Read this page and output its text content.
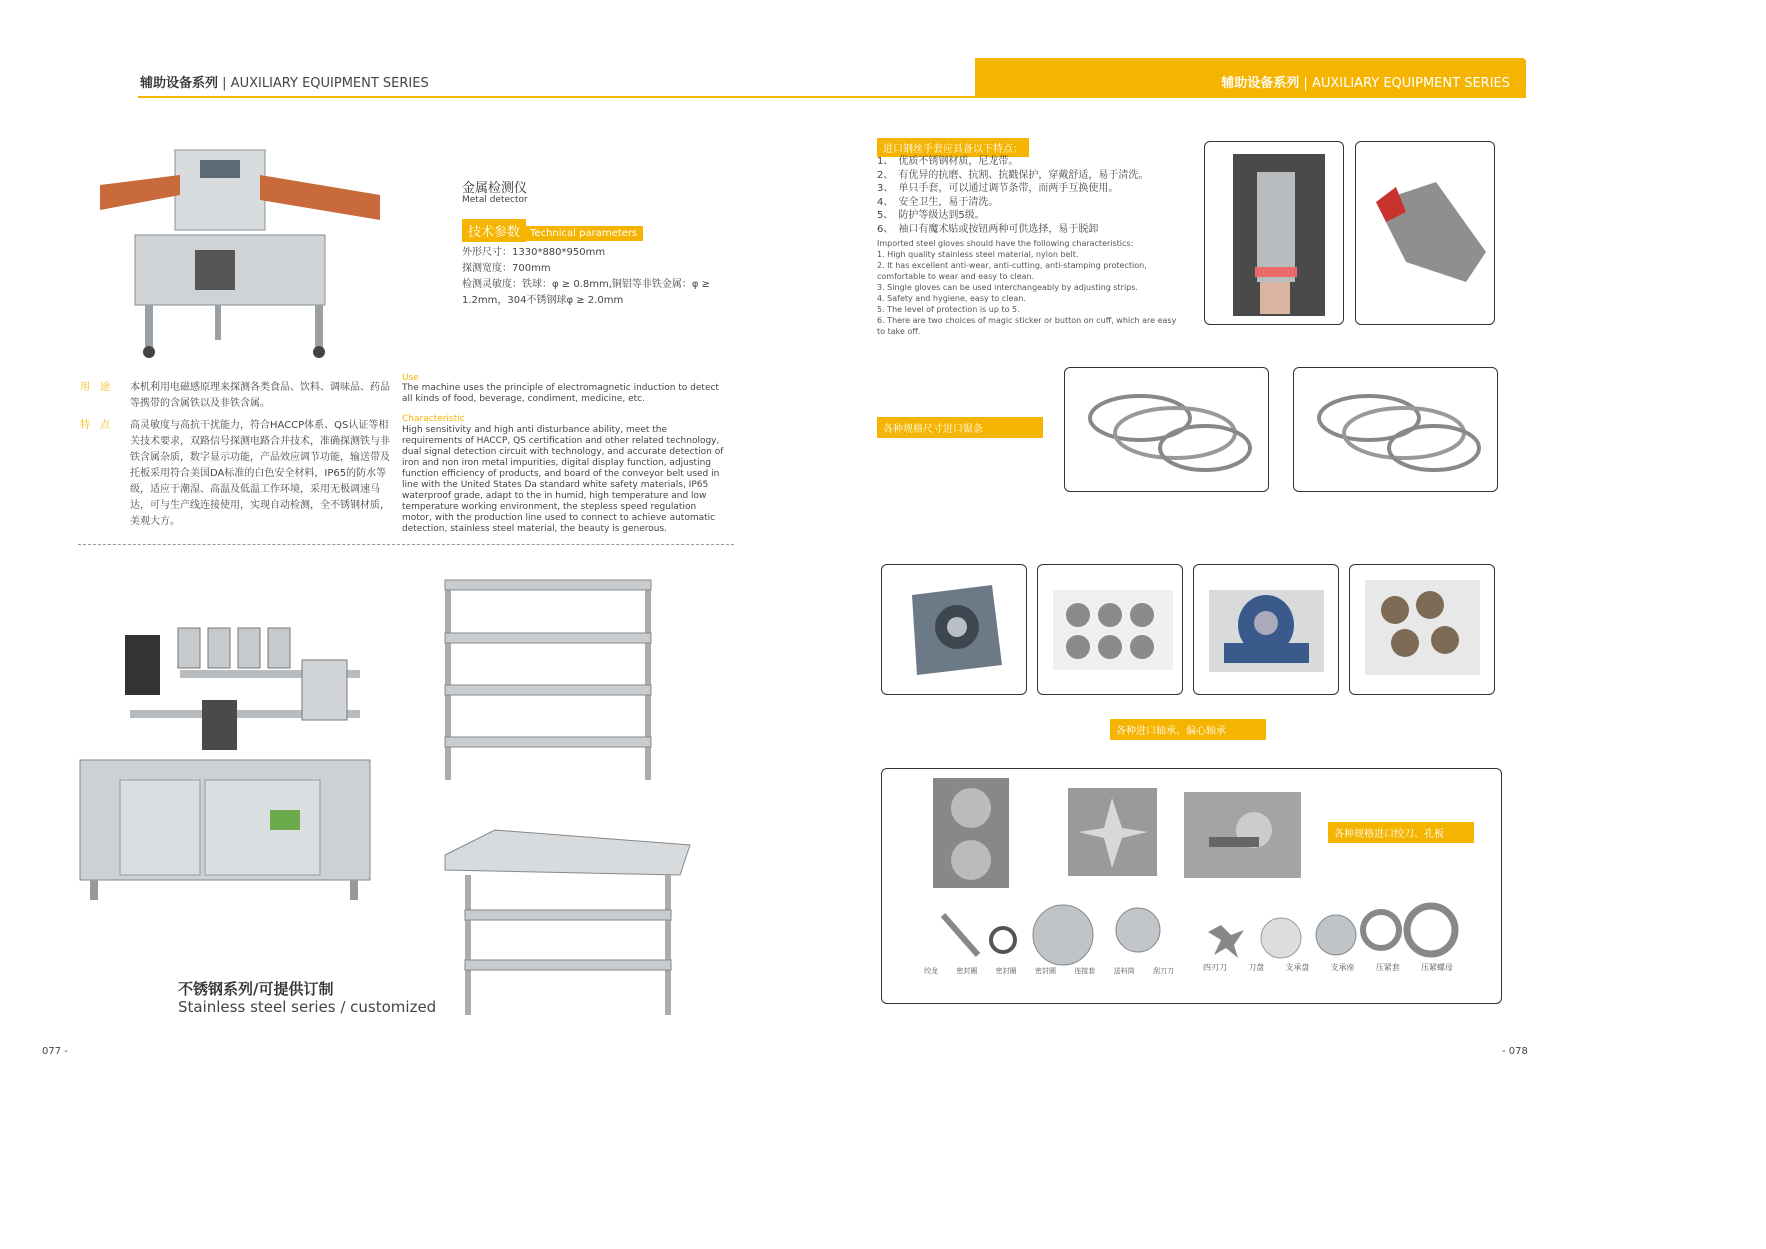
辅助设备系列 | AUXILIARY EQUIPMENT SERIES	辅助设备系列 | AUXILIARY EQUIPMENT SERIES
金属检测仪
Metal detector
技术参数 Technical parameters
外形尺寸：1330*880*950mm
探测宽度：700mm
检测灵敏度：铁球：φ ≥ 0.8mm,铜铝等非铁金属：φ ≥
1.2mm，304不锈钢球φ ≥ 2.0mm
用　途 本机利用电磁感原理来探测各类食品、饮料、调味品、药品等携带的含属铁以及非铁含属。
特　点 高灵敏度与高抗干扰能力，符合HACCP体系、QS认证等相关技术要求，双路信号探测电路合并技术，准确探测铁与非铁含属杂质，数字显示功能，产品效应调节功能，输送带及托板采用符合美国DA标准的白色安全材料，IP65的防水等级，适应于潮湿、高温及低温工作环境，采用无极调速马达，可与生产线连接使用，实现自动检测，全不锈钢材质，美观大方。
Use
The machine uses the principle of electromagnetic induction to detect all kinds of food, beverage, condiment, medicine, etc.
Characteristic
High sensitivity and high anti disturbance ability, meet the requirements of HACCP, QS certification and other related technology, dual signal detection circuit with technology, and accurate detection of iron and non iron metal impurities, digital display function, adjusting function efficiency of products, and board of the conveyor belt used in line with the United States Da standard white safety materials, IP65 waterproof grade, adapt to the in humid, high temperature and low temperature working environment, the stepless speed regulation motor, with the production line used to connect to achieve automatic detection, stainless steel material, the beauty is generous.
不锈钢系列/可提供订制
Stainless steel series / customized
077 -
进口钢丝手套应具备以下特点：
1、　优质不锈钢材质，尼龙带。
2、　有优异的抗磨、抗割、抗戳保护，穿戴舒适，易于清洗。
3、　单只手套，可以通过调节条带，而两手互换使用。
4、　安全卫生，易于清洗。
5、　防护等级达到5级。
6、　袖口有魔术贴或按钮两种可供选择，易于脱卸
Imported steel gloves should have the following characteristics:
1. High quality stainless steel material, nylon belt.
2. It has excellent anti-wear, anti-cutting, anti-stamping protection, comfortable to wear and easy to clean.
3. Single gloves can be used interchangeably by adjusting strips.
4. Safety and hygiene, easy to clean.
5. The level of protection is up to 5.
6. There are two choices of magic sticker or button on cuff, which are easy to take off.
各种规格尺寸进口锯条
各种进口轴承、偏心轴承
各种规格进口绞刀、孔板
绞龙	密封圈	密封圈	密封圈	连接套	送料筒	刮刀刀	四刃刀	刀盘	支承盘	支承座	压紧套	压紧螺母
- 078
